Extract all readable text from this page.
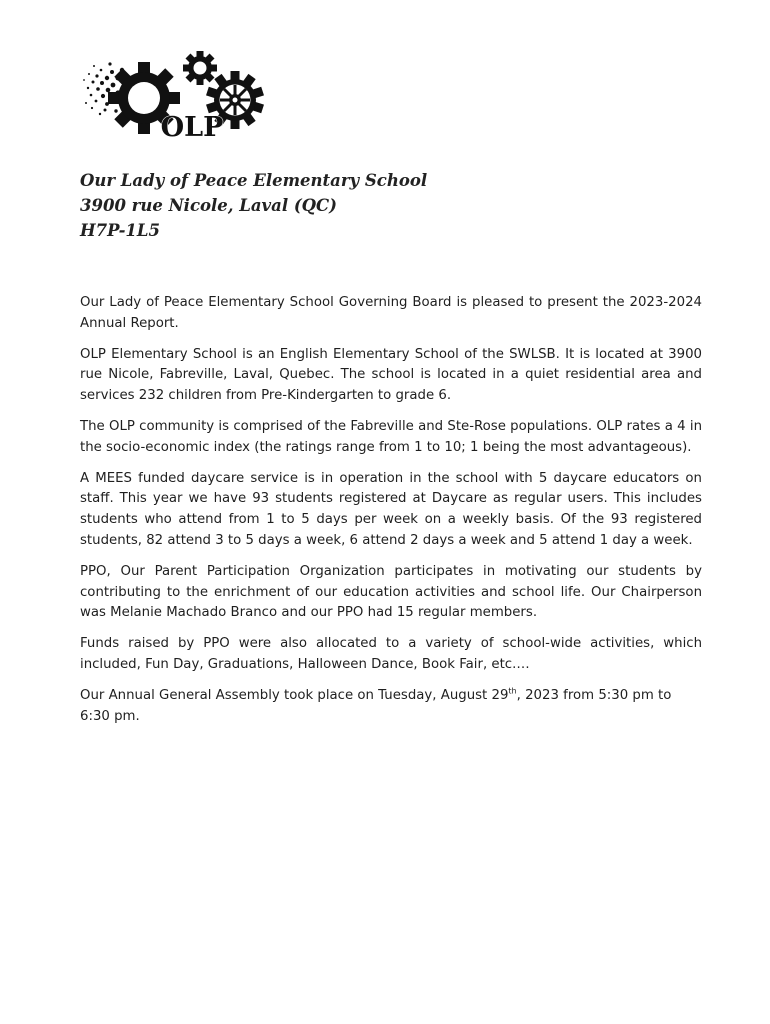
OLP
Our Lady of Peace Elementary School
3900 rue Nicole, Laval (QC)
H7P-1L5

Our Lady of Peace Elementary School Governing Board is pleased to present the 2023-2024 Annual Report.

OLP Elementary School is an English Elementary School of the SWLSB. It is located at 3900 rue Nicole, Fabreville, Laval, Quebec. The school is located in a quiet residential area and services 232 children from Pre-Kindergarten to grade 6.

The OLP community is comprised of the Fabreville and Ste-Rose populations. OLP rates a 4 in the socio-economic index (the ratings range from 1 to 10; 1 being the most advantageous).

A MEES funded daycare service is in operation in the school with 5 daycare educators on staff. This year we have 93 students registered at Daycare as regular users. This includes students who attend from 1 to 5 days per week on a weekly basis. Of the 93 registered students, 82 attend 3 to 5 days a week, 6 attend 2 days a week and 5 attend 1 day a week.

PPO, Our Parent Participation Organization participates in motivating our students by contributing to the enrichment of our education activities and school life. Our Chairperson was Melanie Machado Branco and our PPO had 15 regular members.

Funds raised by PPO were also allocated to a variety of school-wide activities, which included, Fun Day, Graduations, Halloween Dance, Book Fair, etc.…

Our Annual General Assembly took place on Tuesday, August 29th, 2023 from 5:30 pm to 6:30 pm.
